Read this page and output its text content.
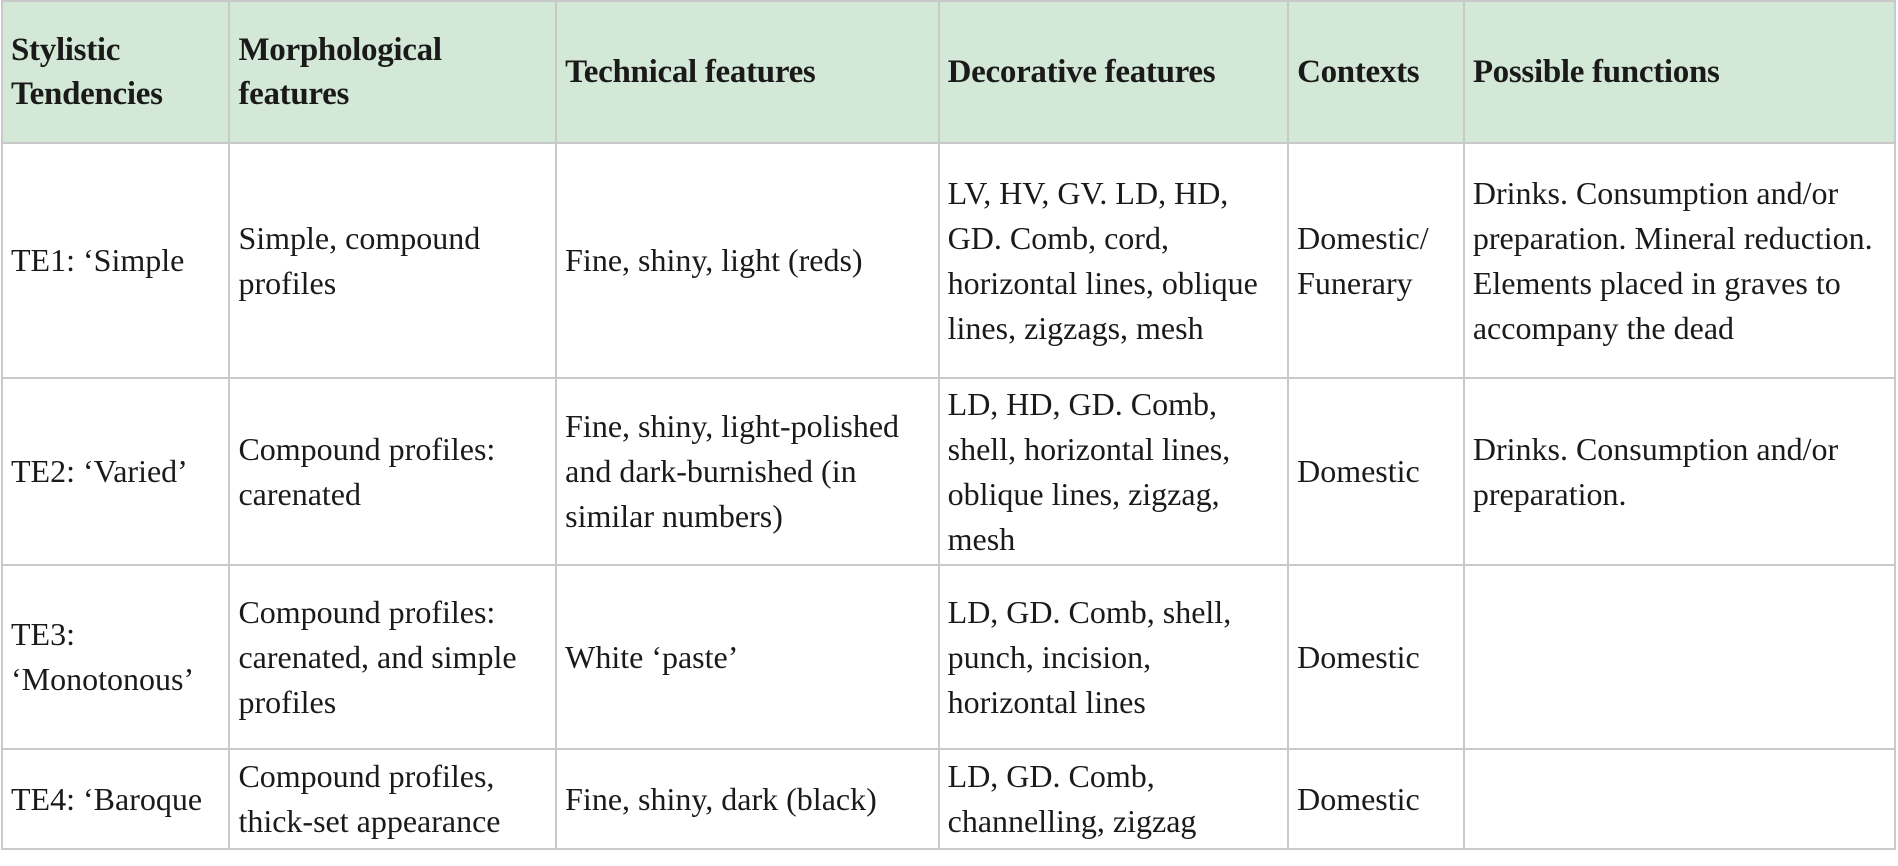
Stylistic Tendencies	Morphological features	Technical features	Decorative features	Contexts	Possible functions
TE1: ‘Simple	Simple, compound profiles	Fine, shiny, light (reds)	LV, HV, GV. LD, HD, GD. Comb, cord, horizontal lines, oblique lines, zigzags, mesh	Domestic/ Funerary	Drinks. Consumption and/or preparation. Mineral reduction. Elements placed in graves to accompany the dead
TE2: ‘Varied’	Compound profiles: carenated	Fine, shiny, light-polished and dark-burnished (in similar numbers)	LD, HD, GD. Comb, shell, horizontal lines, oblique lines, zigzag, mesh	Domestic	Drinks. Consumption and/or preparation.
TE3: ‘Monotonous’	Compound profiles: carenated, and simple profiles	White ‘paste’	LD, GD. Comb, shell, punch, incision, horizontal lines	Domestic	
TE4: ‘Baroque	Compound profiles, thick-set appearance	Fine, shiny, dark (black)	LD, GD. Comb, channelling, zigzag	Domestic	
